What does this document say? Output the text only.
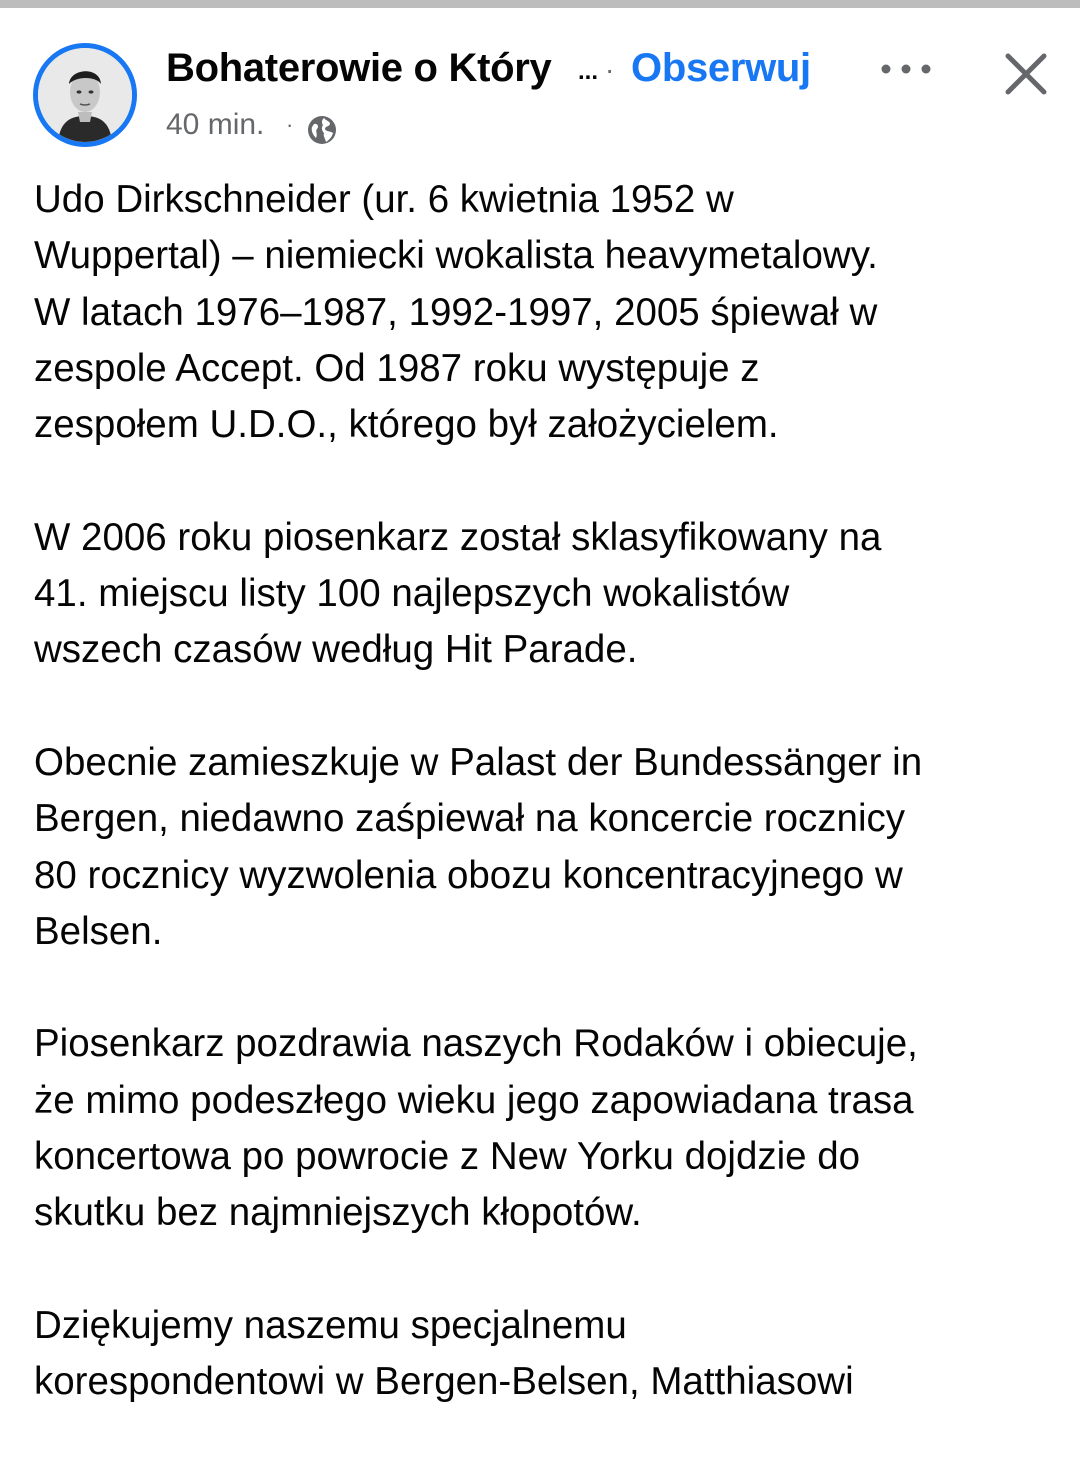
Bohaterowie o Który ... · Obserwuj
40 min. ·

Udo Dirkschneider (ur. 6 kwietnia 1952 w
Wuppertal) – niemiecki wokalista heavymetalowy.
W latach 1976–1987, 1992-1997, 2005 śpiewał w
zespole Accept. Od 1987 roku występuje z
zespołem U.D.O., którego był założycielem.

W 2006 roku piosenkarz został sklasyfikowany na
41. miejscu listy 100 najlepszych wokalistów
wszech czasów według Hit Parade.

Obecnie zamieszkuje w Palast der Bundessänger in
Bergen, niedawno zaśpiewał na koncercie rocznicy
80 rocznicy wyzwolenia obozu koncentracyjnego w
Belsen.

Piosenkarz pozdrawia naszych Rodaków i obiecuje,
że mimo podeszłego wieku jego zapowiadana trasa
koncertowa po powrocie z New Yorku dojdzie do
skutku bez najmniejszych kłopotów.

Dziękujemy naszemu specjalnemu
korespondentowi w Bergen-Belsen, Matthiasowi
